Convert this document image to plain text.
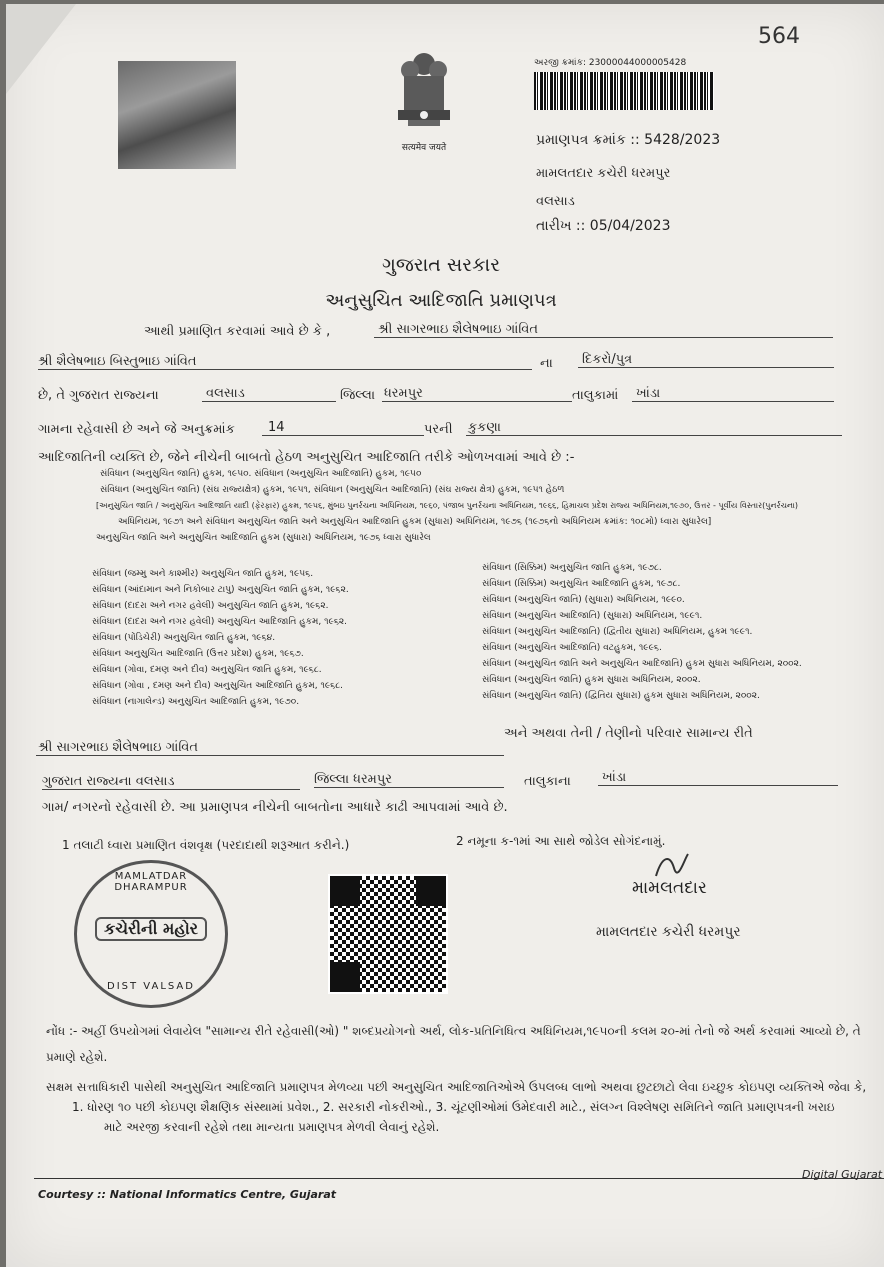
564
सत्यमेव जयते
અરજી ક્રમાંક: 23000044000005428
પ્રમાણપત્ર ક્રમાંક :: 5428/2023
મામલતદાર કચેરી ધરમપુર
વલસાડ
તારીખ :: 05/04/2023
ગુજરાત સરકાર
અનુસુચિત આદિજાતિ પ્રમાણપત્ર
આથી પ્રમાણિત કરવામાં આવે છે કે ,	શ્રી સાગરભાઇ શૈલેષભાઇ ગાંવિત
શ્રી શૈલેષભાઇ બિસ્તુભાઇ ગાંવિત	ના	દિકરો/પુત્ર
છે, તે ગુજરાત રાજ્યના	વલસાડ	જિલ્લા ધરમપુર	તાલુકામાં	ખાંડા
ગામના રહેવાસી છે અને જે અનુક્રમાંક	14	પરની કુકણા
આદિજાતિની વ્યક્તિ છે, જેને નીચેની બાબતો હેઠળ અનુસુચિત આદિજાતિ તરીકે ઓળખવામાં આવે છે :-
સંવિધાન (અનુસુચિત જાતિ) હુકમ, ૧૯૫૦. સંવિધાન (અનુસુચિત આદિજાતિ) હુકમ, ૧૯૫૦
સંવિધાન (અનુસુચિત જાતિ) (સંઘ રાજ્યક્ષેત્ર) હુકમ, ૧૯૫૧, સંવિધાન (અનુસુચિત આદિજાતિ) (સંઘ રાજ્ય ક્ષેત્ર) હુકમ, ૧૯૫૧ હેઠળ
[અનુસુચિત જાતિ / અનુસુચિત આદિજાતિ યાદી (ફેરફાર) હુકમ, ૧૯૫૬, મુંબઇ પુનર્રચના અધિનિયમ, ૧૯૬૦, પંજાબ પુનર્રચના અધિનિયમ, ૧૯૬૬, હિમાચલ પ્રદેશ રાજ્ય અધિનિયમ,૧૯૭૦, ઉત્તર - પૂર્વીય વિસ્તાર(પુનર્રચના)
અધિનિયમ, ૧૯૭૧ અને સંવિધાન અનુસુચિત જાતિ અને અનુસુચિત આદિજાતિ હુકમ (સુધારા) અધિનિયમ, ૧૯૭૬ (૧૯૭૬નો અધિનિયમ ક્રમાંક: ૧૦૮મો) ધ્વારા સુધારેલ]
અનુસુચિત જાતિ અને અનુસુચિત આદિજાતિ હુકમ (સુધારા) અધિનિયમ, ૧૯૭૬ ધ્વારા સુધારેલ
સંવિધાન (જમ્મુ અને કાશ્મીર) અનુસુચિત જાતિ હુકમ, ૧૯૫૬.
સંવિધાન (આંદામાન અને નિકોબાર ટાપુ) અનુસુચિત જાતિ હુકમ, ૧૯૬૨.
સંવિધાન (દાદરા અને નગર હવેલી) અનુસુચિત જાતિ હુકમ, ૧૯૬૨.
સંવિધાન (દાદરા અને નગર હવેલી) અનુસુચિત આદિજાતિ હુકમ, ૧૯૬૨.
સંવિધાન (પોંડિચેરી) અનુસુચિત જાતિ હુકમ, ૧૯૬૪.
સંવિધાન અનુસુચિત આદિજાતિ (ઉત્તર પ્રદેશ) હુકમ, ૧૯૬૭.
સંવિધાન (ગોવા, દમણ અને દીવ) અનુસુચિત જાતિ હુકમ, ૧૯૬૮.
સંવિધાન (ગોવા , દમણ અને દીવ) અનુસુચિત આદિજાતિ હુકમ, ૧૯૬૮.
સંવિધાન (નાગાલેન્ડ) અનુસુચિત આદિજાતિ હુકમ, ૧૯૭૦.
સંવિધાન (સિક્કિમ) અનુસુચિત જાતિ હુકમ, ૧૯૭૮.
સંવિધાન (સિક્કિમ) અનુસુચિત આદિજાતિ હુકમ, ૧૯૭૮.
સંવિધાન (અનુસુચિત જાતિ) (સુધારા) અધિનિયમ, ૧૯૯૦.
સંવિધાન (અનુસુચિત આદિજાતિ) (સુધારા) અધિનિયમ, ૧૯૯૧.
સંવિધાન (અનુસુચિત આદિજાતિ) (દ્વિતીય સુધારા) અધિનિયમ, હુકમ ૧૯૯૧.
સંવિધાન (અનુસુચિત આદિજાતિ) વટહુકમ, ૧૯૯૬.
સંવિધાન (અનુસુચિત જાતિ અને અનુસુચિત આદિજાતિ) હુકમ સુધારા અધિનિયમ, ૨૦૦૨.
સંવિધાન (અનુસુચિત જાતિ) હુકમ સુધારા અધિનિયમ, ૨૦૦૨.
સંવિધાન (અનુસુચિત જાતિ) (દ્વિતિય સુધારા) હુકમ સુધારા અધિનિયમ, ૨૦૦૨.
અને અથવા તેની / તેણીનો પરિવાર સામાન્ય રીતે
શ્રી સાગરભાઇ શૈલેષભાઇ ગાંવિત
ગુજરાત રાજ્યના વલસાડ	જિલ્લા ધરમપુર	તાલુકાના	ખાંડા
ગામ/ નગરનો રહેવાસી છે. આ પ્રમાણપત્ર નીચેની બાબતોના આધારે કાઢી આપવામાં આવે છે.
1 તલાટી ધ્વારા પ્રમાણિત વંશવૃક્ષ (પરદાદાથી શરૂઆત કરીને.)	2 નમૂના ક-૧માં આ સાથે જોડેલ સોગંદનામું.
MAMLATDAR DHARAMPUR
કચેરીની મહોર
DIST VALSAD
મામલતદાર
મામલતદાર કચેરી ધરમપુર
નોંધ :- અહીં ઉપયોગમાં લેવાયેલ "સામાન્ય રીતે રહેવાસી(ઓ) " શબ્દપ્રયોગનો અર્થ, લોક-પ્રતિનિધિત્વ અધિનિયમ,૧૯૫૦ની કલમ ૨૦-માં તેનો જે અર્થ કરવામાં આવ્યો છે, તે
પ્રમાણે રહેશે.
સક્ષમ સત્તાધિકારી પાસેથી અનુસુચિત આદિજાતિ પ્રમાણપત્ર મેળવ્યા પછી અનુસુચિત આદિજાતિઓએ ઉપલબ્ધ લાભો અથવા છુટછાટો લેવા ઇચ્છુક કોઇપણ વ્યક્તિએ જેવા કે,
1. ધોરણ ૧૦ પછી કોઇપણ શૈક્ષણિક સંસ્થામાં પ્રવેશ., 2. સરકારી નોકરીઓ., 3. ચૂંટણીઓમાં ઉમેદવારી માટે., સંલગ્ન વિશ્લેષણ સમિતિને જાતિ પ્રમાણપત્રની ખરાઇ
માટે અરજી કરવાની રહેશે તથા માન્યતા પ્રમાણપત્ર મેળવી લેવાનું રહેશે.
Courtesy :: National Informatics Centre, Gujarat
Digital Gujarat
